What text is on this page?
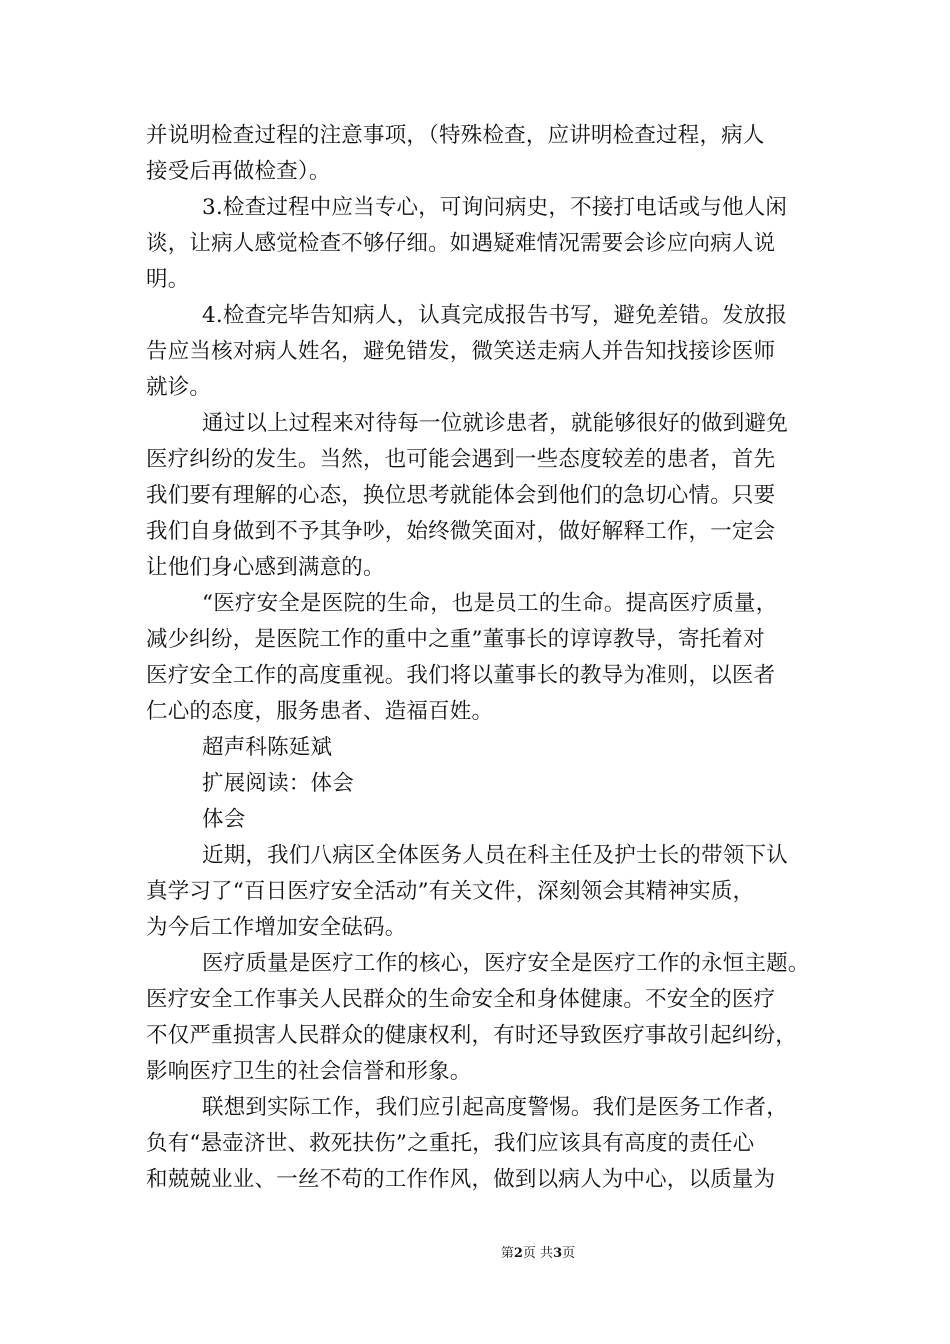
并说明检查过程的注意事项，（特殊检查，应讲明检查过程，病人
接受后再做检查）。
3.检查过程中应当专心，可询问病史，不接打电话或与他人闲
谈，让病人感觉检查不够仔细。如遇疑难情况需要会诊应向病人说
明。
4.检查完毕告知病人，认真完成报告书写，避免差错。发放报
告应当核对病人姓名，避免错发，微笑送走病人并告知找接诊医师
就诊。
通过以上过程来对待每一位就诊患者，就能够很好的做到避免
医疗纠纷的发生。当然，也可能会遇到一些态度较差的患者，首先
我们要有理解的心态，换位思考就能体会到他们的急切心情。只要
我们自身做到不予其争吵，始终微笑面对，做好解释工作，一定会
让他们身心感到满意的。
“医疗安全是医院的生命，也是员工的生命。提高医疗质量，
减少纠纷，是医院工作的重中之重”董事长的谆谆教导，寄托着对
医疗安全工作的高度重视。我们将以董事长的教导为准则，以医者
仁心的态度，服务患者、造福百姓。
超声科陈延斌
扩展阅读：体会
体会
近期，我们八病区全体医务人员在科主任及护士长的带领下认
真学习了“百日医疗安全活动”有关文件，深刻领会其精神实质，
为今后工作增加安全砝码。
医疗质量是医疗工作的核心，医疗安全是医疗工作的永恒主题。
医疗安全工作事关人民群众的生命安全和身体健康。不安全的医疗
不仅严重损害人民群众的健康权利，有时还导致医疗事故引起纠纷，
影响医疗卫生的社会信誉和形象。
联想到实际工作，我们应引起高度警惕。我们是医务工作者，
负有“悬壶济世、救死扶伤”之重托，我们应该具有高度的责任心
和兢兢业业、一丝不苟的工作作风，做到以病人为中心，以质量为
第2页 共3页
